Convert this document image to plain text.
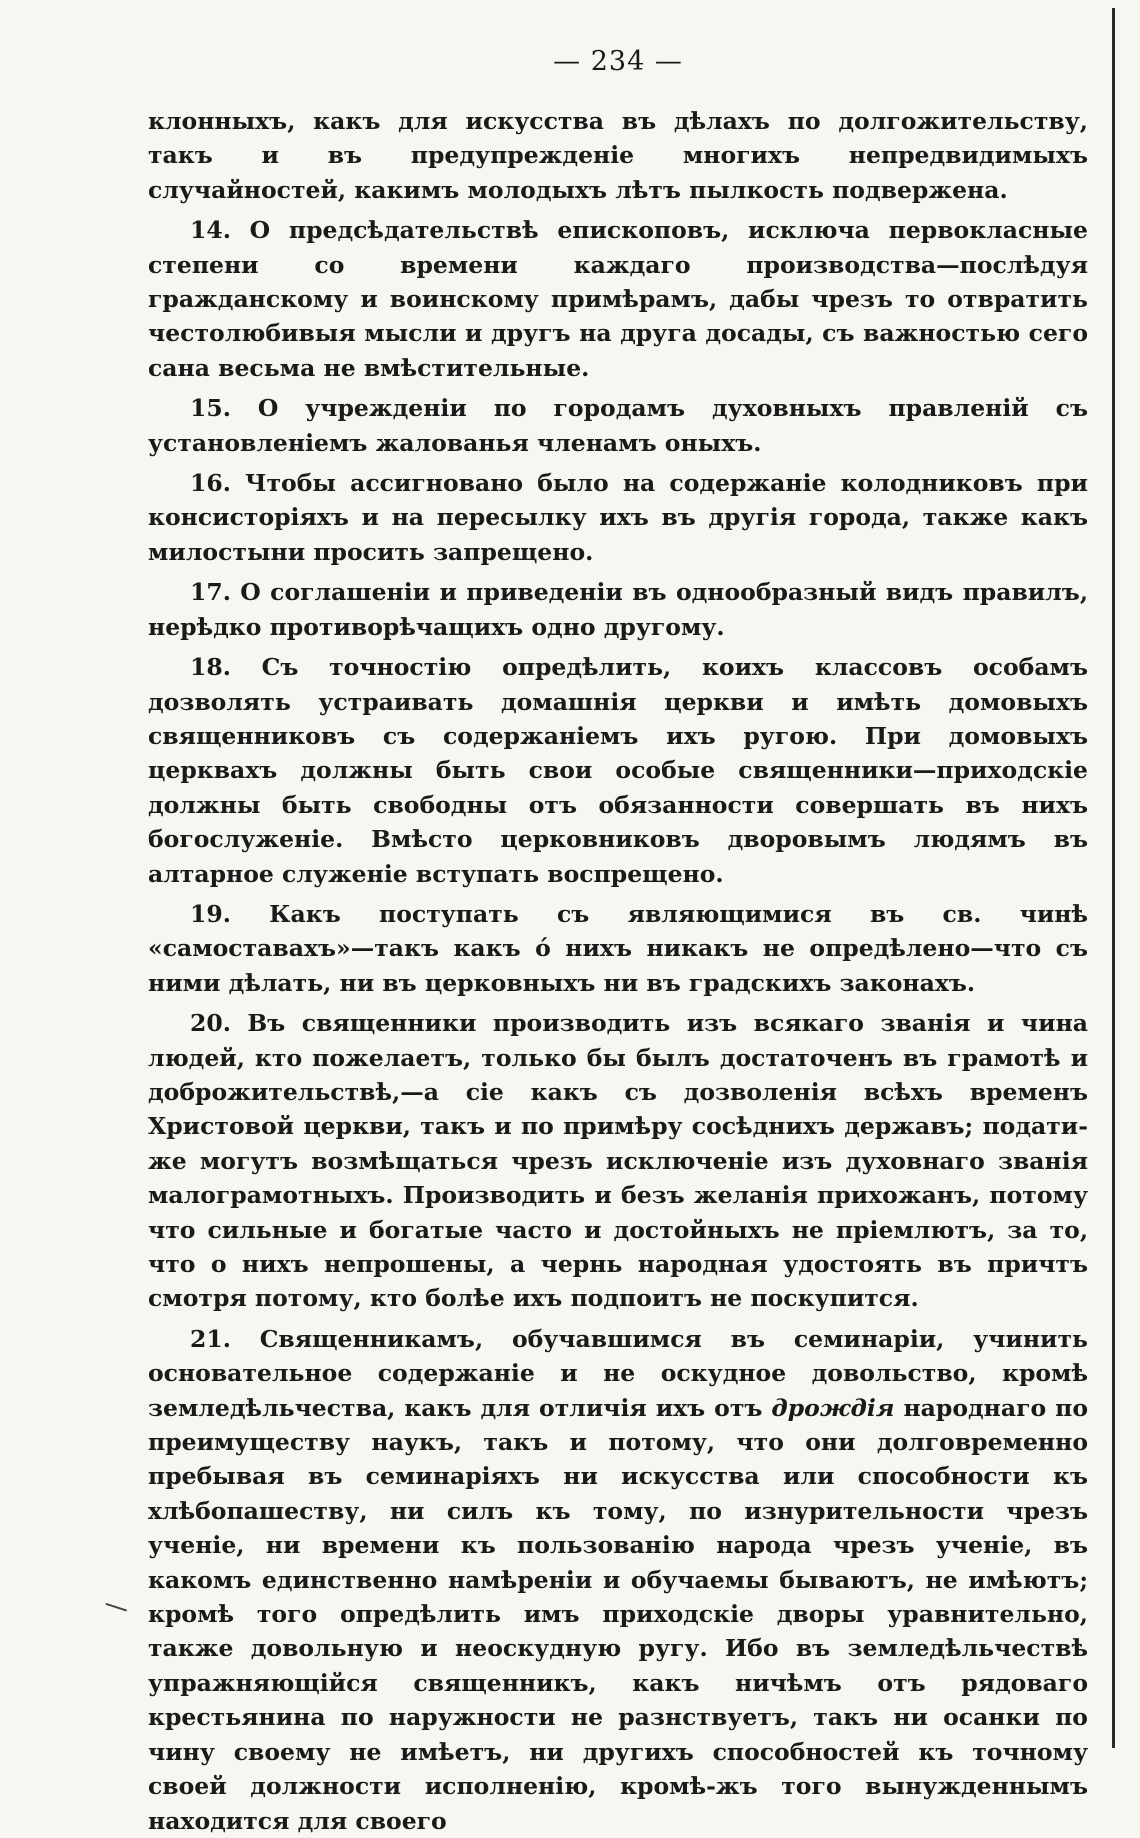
— 234 —

клонныхъ, какъ для искусства въ дѣлахъ по долгожительству, такъ и въ предупрежденіе многихъ непредвидимыхъ случайностей, какимъ молодыхъ лѣтъ пылкость подвержена.

14. О предсѣдательствѣ епископовъ, исключа первокласные степени со времени каждаго производства—послѣдуя гражданскому и воинскому примѣрамъ, дабы чрезъ то отвратить честолюбивыя мысли и другъ на друга досады, съ важностью сего сана весьма не вмѣстительные.

15. О учрежденіи по городамъ духовныхъ правленій съ установленіемъ жалованья членамъ оныхъ.

16. Чтобы ассигновано было на содержаніе колодниковъ при консисторіяхъ и на пересылку ихъ въ другія города, также какъ милостыни просить запрещено.

17. О соглашеніи и приведеніи въ однообразный видъ правилъ, нерѣдко противорѣчащихъ одно другому.

18. Съ точностію опредѣлить, коихъ классовъ особамъ дозволять устраивать домашнія церкви и имѣть домовыхъ священниковъ съ содержаніемъ ихъ ругою. При домовыхъ церквахъ должны быть свои особые священники—приходскіе должны быть свободны отъ обязанности совершать въ нихъ богослуженіе. Вмѣсто церковниковъ дворовымъ людямъ въ алтарное служеніе вступать воспрещено.

19. Какъ поступать съ являющимися въ св. чинѣ «самоставахъ»—такъ какъ о́ нихъ никакъ не опредѣлено—что съ ними дѣлать, ни въ церковныхъ ни въ градскихъ законахъ.

20. Въ священники производить изъ всякаго званія и чина людей, кто пожелаетъ, только бы былъ достаточенъ въ грамотѣ и доброжительствѣ,—а сіе какъ съ дозволенія всѣхъ временъ Христовой церкви, такъ и по примѣру сосѣднихъ державъ; подати-же могутъ возмѣщаться чрезъ исключеніе изъ духовнаго званія малограмотныхъ. Производить и безъ желанія прихожанъ, потому что сильные и богатые часто и достойныхъ не пріемлютъ, за то, что о нихъ непрошены, а чернь народная удостоять въ причтъ смотря потому, кто болѣе ихъ подпоитъ не поскупится.

21. Священникамъ, обучавшимся въ семинаріи, учинить основательное содержаніе и не оскудное довольство, кромѣ земледѣльчества, какъ для отличія ихъ отъ дрождія народнаго по преимуществу наукъ, такъ и потому, что они долговременно пребывая въ семинаріяхъ ни искусства или способности къ хлѣбопашеству, ни силъ къ тому, по изнурительности чрезъ ученіе, ни времени къ пользованію народа чрезъ ученіе, въ какомъ единственно намѣреніи и обучаемы бываютъ, не имѣютъ; кромѣ того опредѣлить имъ приходскіе дворы уравнительно, также довольную и неоскудную ругу. Ибо въ земледѣльчествѣ упражняющійся священникъ, какъ ничѣмъ отъ рядоваго крестьянина по наружности не разнствуетъ, такъ ни осанки по чину своему не имѣетъ, ни другихъ способностей къ точному своей должности исполненію, кромѣ-жъ того вынужденнымъ находится для своего
